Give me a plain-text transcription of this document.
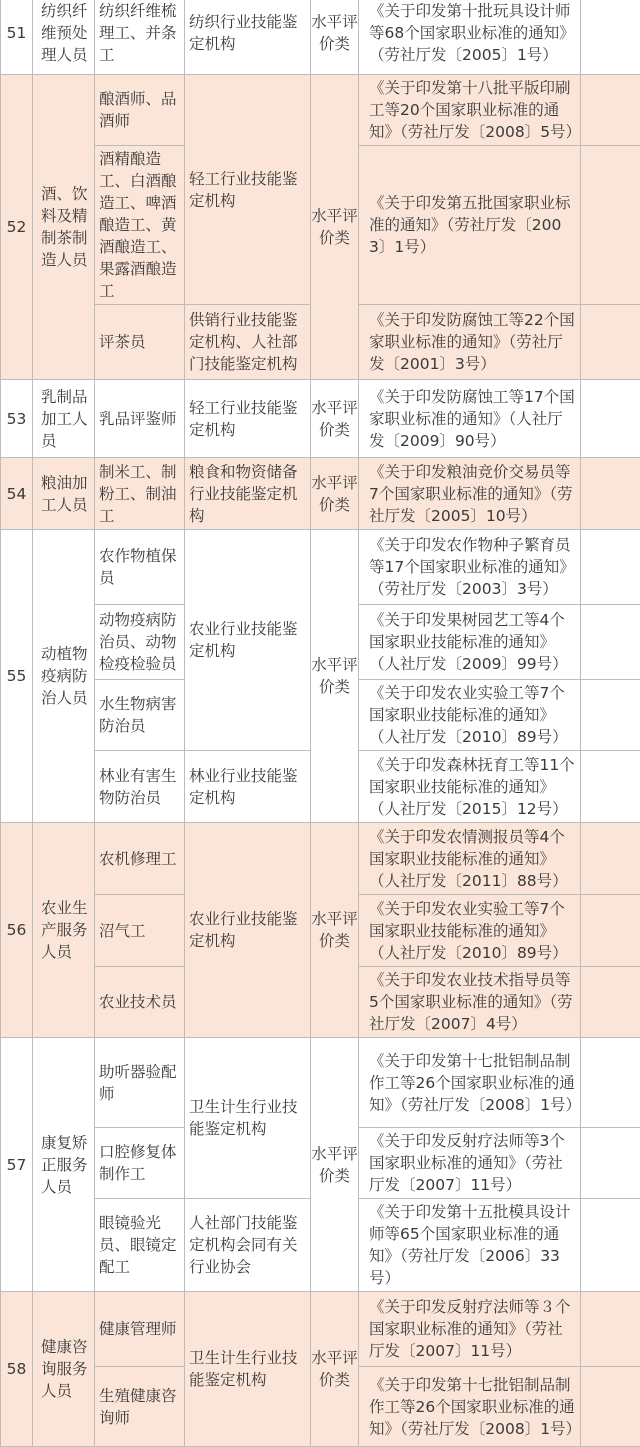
51	纺织纤维预处理人员	纺织纤维梳理工、并条工	纺织行业技能鉴定机构	水平评价类	《关于印发第十批玩具设计师等68个国家职业标准的通知》（劳社厅发〔2005〕1号）	
52	酒、饮料及精制茶制造人员	酿酒师、品酒师	轻工行业技能鉴定机构	水平评价类	《关于印发第十八批平版印刷工等20个国家职业标准的通知》（劳社厅发〔2008〕5号）	
		酒精酿造工、白酒酿造工、啤酒酿造工、黄酒酿造工、果露酒酿造工			《关于印发第五批国家职业标准的通知》（劳社厅发〔2003〕1号）	
		评茶员	供销行业技能鉴定机构、人社部门技能鉴定机构		《关于印发防腐蚀工等22个国家职业标准的通知》（劳社厅发〔2001〕3号）	
53	乳制品加工人员	乳品评鉴师	轻工行业技能鉴定机构	水平评价类	《关于印发防腐蚀工等17个国家职业标准的通知》（人社厅发〔2009〕90号）	
54	粮油加工人员	制米工、制粉工、制油工	粮食和物资储备行业技能鉴定机构	水平评价类	《关于印发粮油竞价交易员等7个国家职业标准的通知》（劳社厅发〔2005〕10号）	
55	动植物疫病防治人员	农作物植保员	农业行业技能鉴定机构	水平评价类	《关于印发农作物种子繁育员等17个国家职业标准的通知》（劳社厅发〔2003〕3号）	
		动物疫病防治员、动物检疫检验员			《关于印发果树园艺工等4个国家职业技能标准的通知》（人社厅发〔2009〕99号）	
		水生物病害防治员			《关于印发农业实验工等7个国家职业技能标准的通知》（人社厅发〔2010〕89号）	
		林业有害生物防治员	林业行业技能鉴定机构		《关于印发森林抚育工等11个国家职业技能标准的通知》（人社厅发〔2015〕12号）	
56	农业生产服务人员	农机修理工	农业行业技能鉴定机构	水平评价类	《关于印发农情测报员等4个国家职业技能标准的通知》（人社厅发〔2011〕88号）	
		沼气工			《关于印发农业实验工等7个国家职业技能标准的通知》（人社厅发〔2010〕89号）	
		农业技术员			《关于印发农业技术指导员等5个国家职业标准的通知》（劳社厅发〔2007〕4号）	
57	康复矫正服务人员	助听器验配师	卫生计生行业技能鉴定机构	水平评价类	《关于印发第十七批铝制品制作工等26个国家职业标准的通知》（劳社厅发〔2008〕1号）	
		口腔修复体制作工			《关于印发反射疗法师等3个国家职业标准的通知》（劳社厅发〔2007〕11号）	
		眼镜验光员、眼镜定配工	人社部门技能鉴定机构会同有关行业协会		《关于印发第十五批模具设计师等65个国家职业标准的通知》（劳社厅发〔2006〕33号）	
58	健康咨询服务人员	健康管理师	卫生计生行业技能鉴定机构	水平评价类	《关于印发反射疗法师等３个国家职业标准的通知》（劳社厅发〔2007〕11号）	
		生殖健康咨询师			《关于印发第十七批铝制品制作工等26个国家职业标准的通知》（劳社厅发〔2008〕1号）	
